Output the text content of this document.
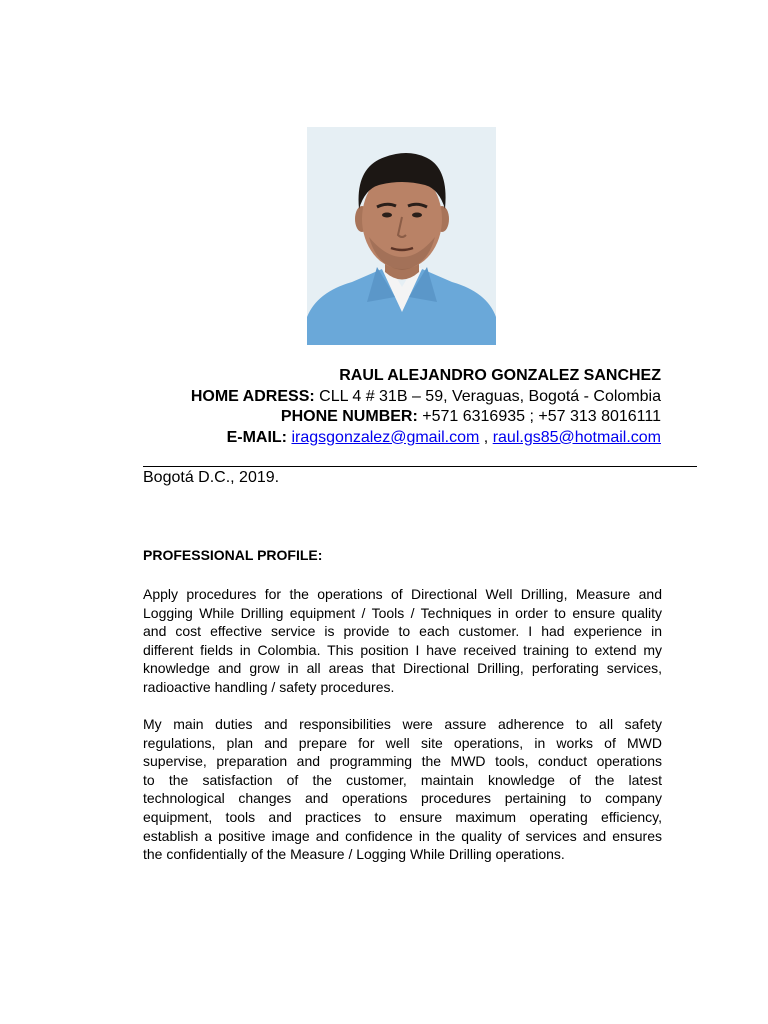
RAUL ALEJANDRO GONZALEZ SANCHEZ
HOME ADRESS: CLL 4 # 31B – 59, Veraguas, Bogotá - Colombia
PHONE NUMBER: +571 6316935 ; +57 313 8016111
E-MAIL: iragsgonzalez@gmail.com , raul.gs85@hotmail.com
Bogotá D.C., 2019.
PROFESSIONAL PROFILE:
Apply procedures for the operations of Directional Well Drilling, Measure and
Logging While Drilling equipment / Tools / Techniques in order to ensure quality
and cost effective service is provide to each customer. I had experience in
different fields in Colombia. This position I have received training to extend my
knowledge and grow in all areas that Directional Drilling, perforating services,
radioactive handling / safety procedures.
My main duties and responsibilities were assure adherence to all safety
regulations, plan and prepare for well site operations, in works of MWD
supervise, preparation and programming the MWD tools, conduct operations
to the satisfaction of the customer, maintain knowledge of the latest
technological changes and operations procedures pertaining to company
equipment, tools and practices to ensure maximum operating efficiency,
establish a positive image and confidence in the quality of services and ensures
the confidentially of the Measure / Logging While Drilling operations.
